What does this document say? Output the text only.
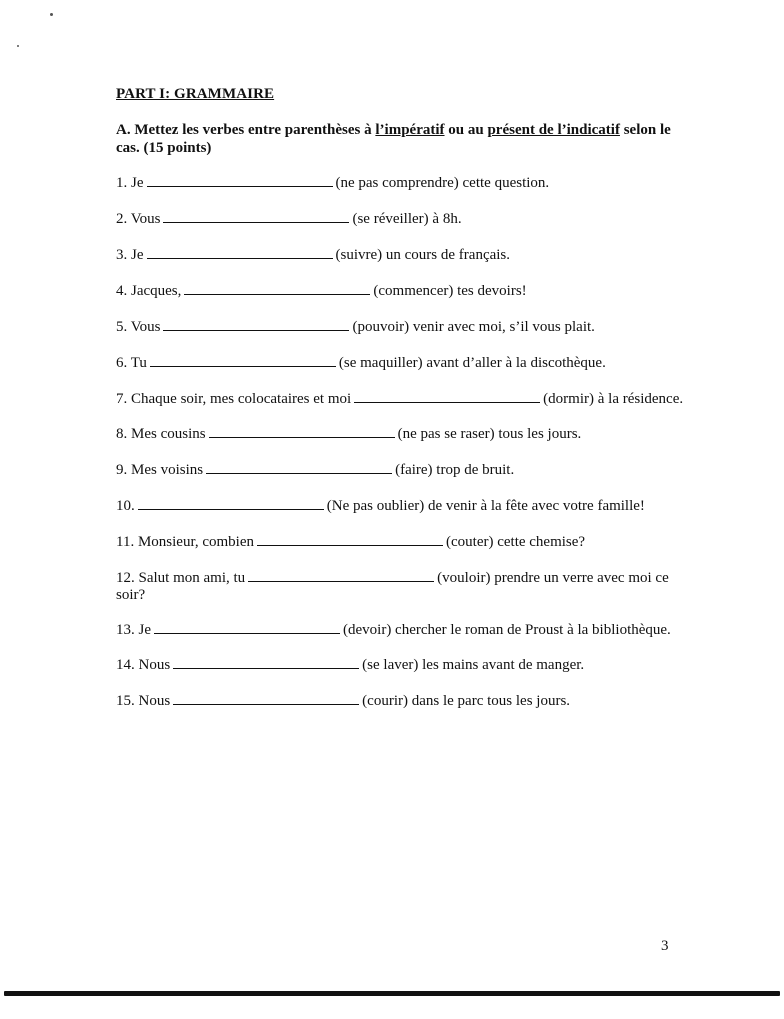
PART I: GRAMMAIRE
A. Mettez les verbes entre parenthèses à l’impératif ou au présent de l’indicatif selon le cas. (15 points)
1. Je	(ne pas comprendre) cette question.
2. Vous	(se réveiller) à 8h.
3. Je	(suivre) un cours de français.
4. Jacques,	(commencer) tes devoirs!
5. Vous	(pouvoir) venir avec moi, s’il vous plait.
6. Tu	(se maquiller) avant d’aller à la discothèque.
7. Chaque soir, mes colocataires et moi	(dormir) à la résidence.
8. Mes cousins	(ne pas se raser) tous les jours.
9. Mes voisins	(faire) trop de bruit.
10.	(Ne pas oublier) de venir à la fête avec votre famille!
11. Monsieur, combien	(couter) cette chemise?
12. Salut mon ami, tu	(vouloir) prendre un verre avec moi ce soir?
13. Je	(devoir) chercher le roman de Proust à la bibliothèque.
14. Nous	(se laver) les mains avant de manger.
15. Nous	(courir) dans le parc tous les jours.
3
